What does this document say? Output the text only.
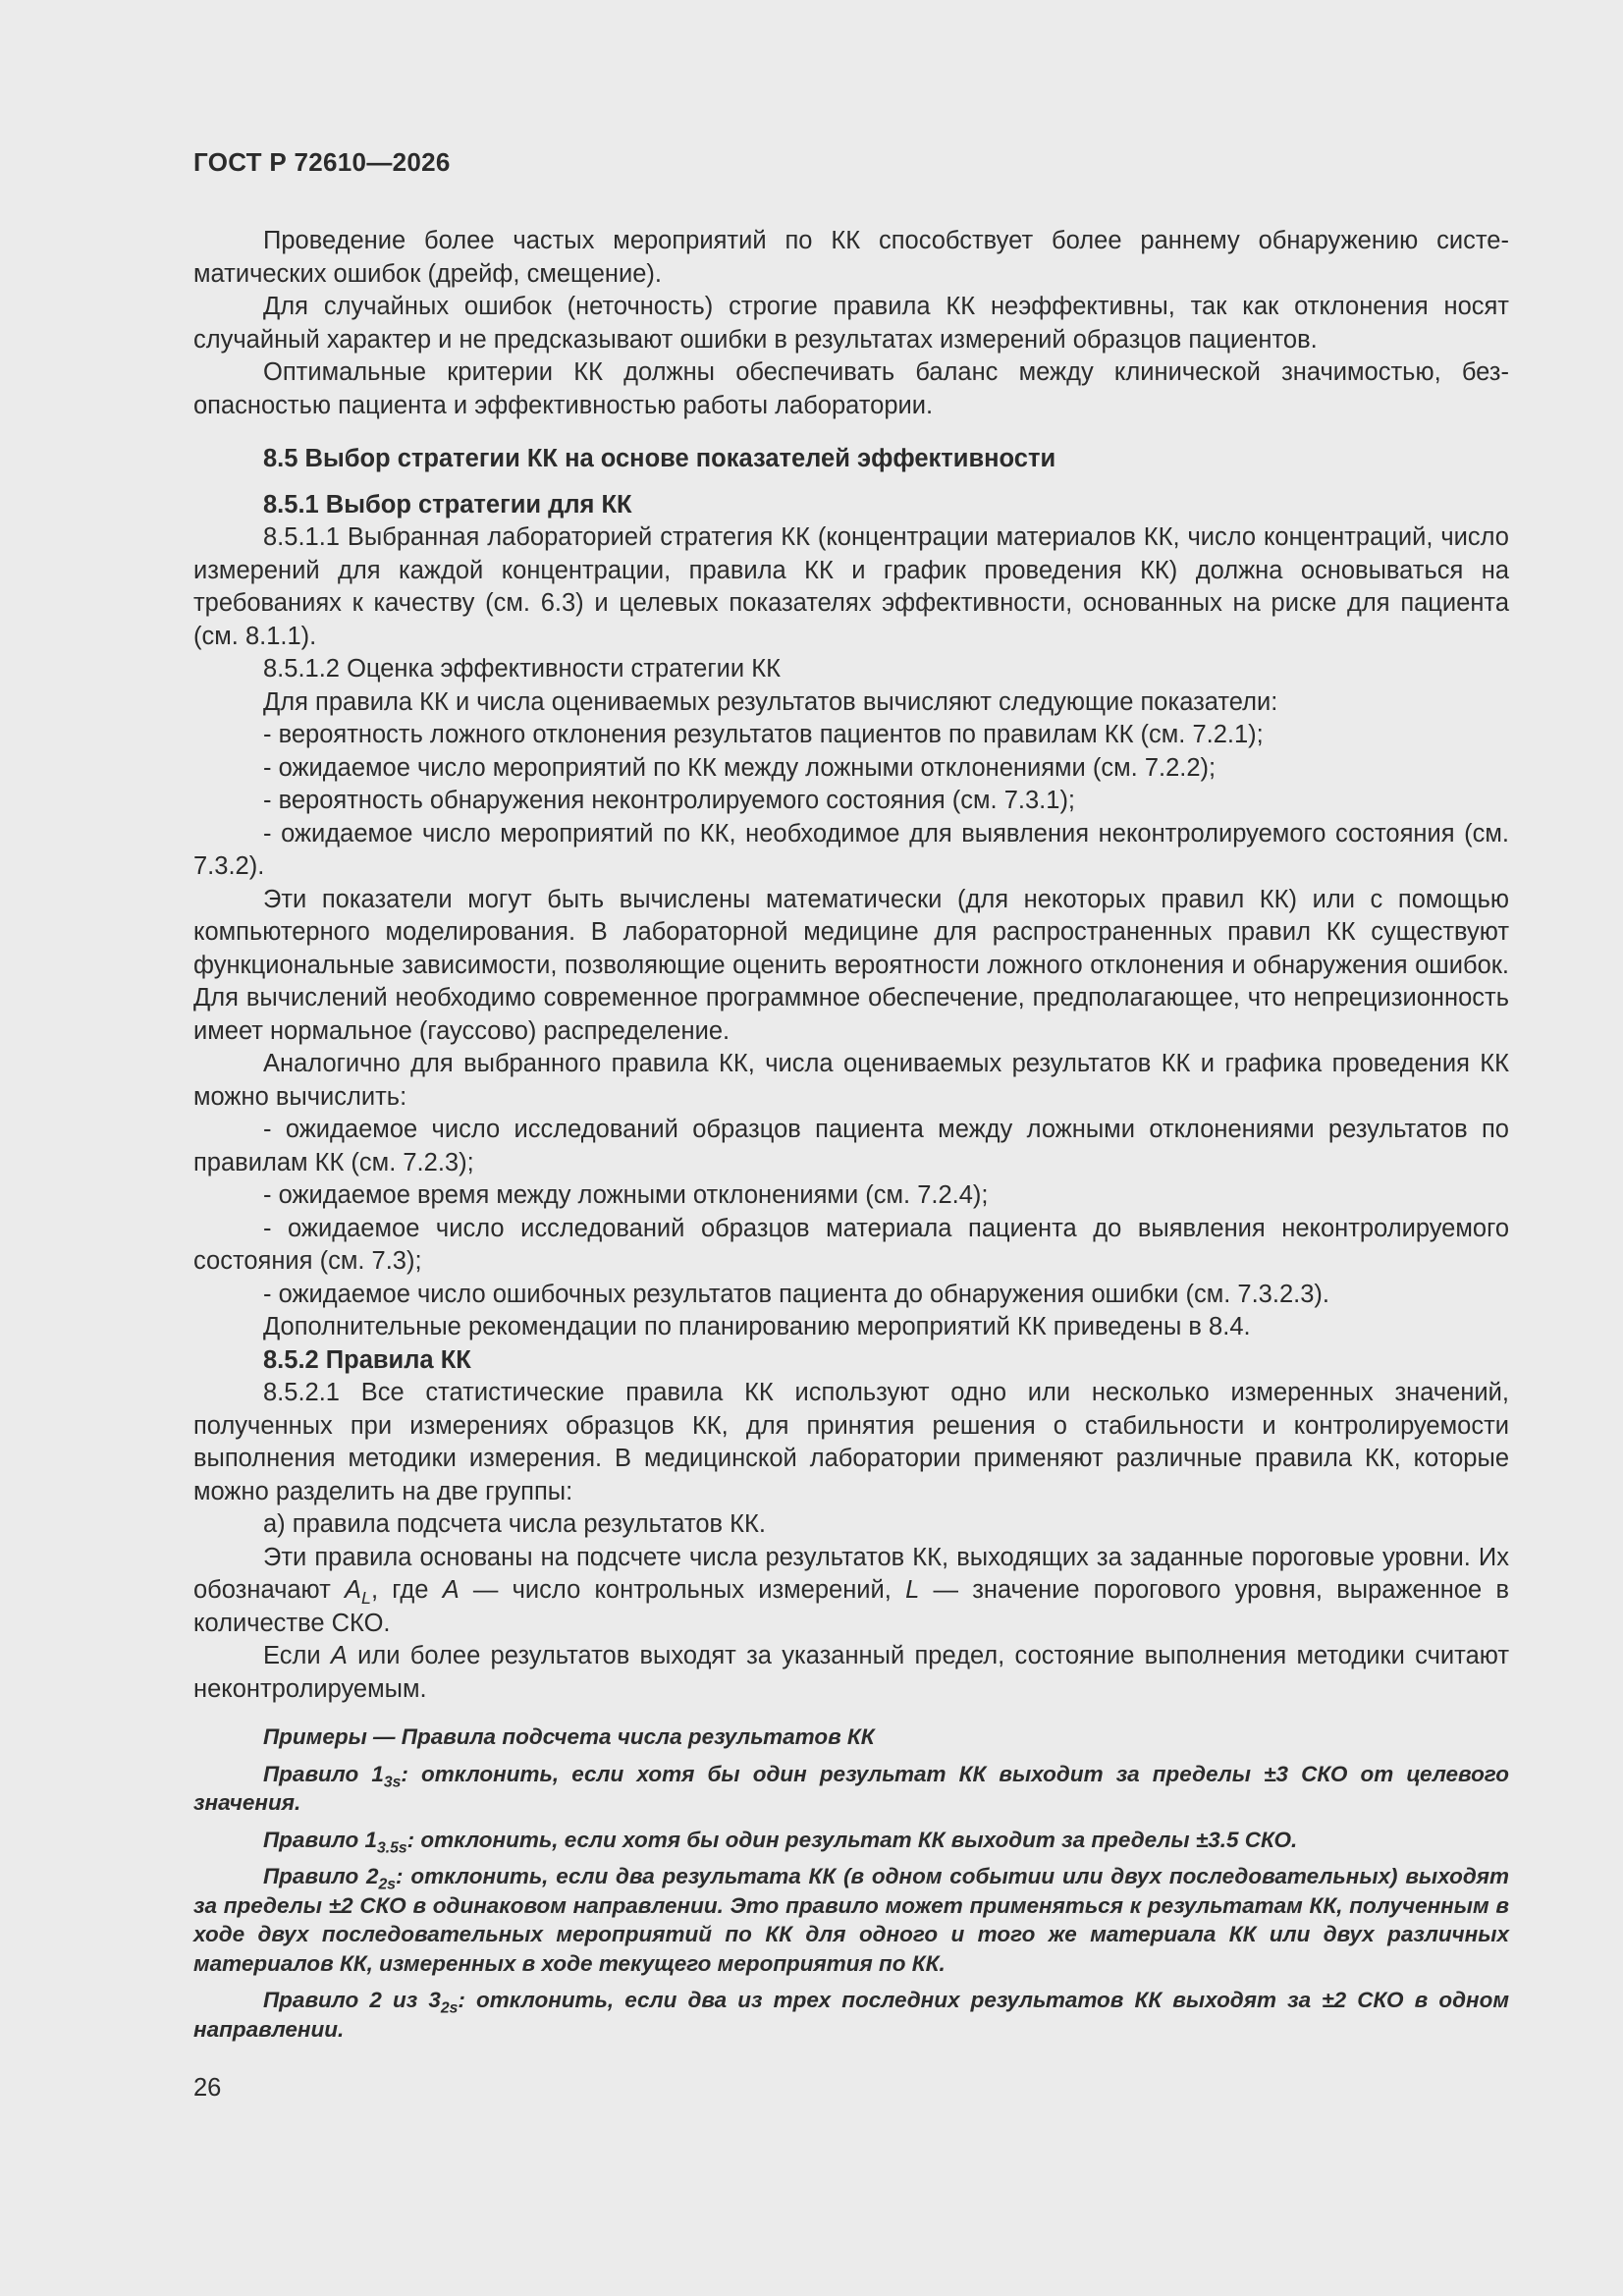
ГОСТ Р 72610—2026

Проведение более частых мероприятий по КК способствует более раннему обнаружению систематических ошибок (дрейф, смещение).

Для случайных ошибок (неточность) строгие правила КК неэффективны, так как отклонения носят случайный характер и не предсказывают ошибки в результатах измерений образцов пациентов.

Оптимальные критерии КК должны обеспечивать баланс между клинической значимостью, безопасностью пациента и эффективностью работы лаборатории.

8.5 Выбор стратегии КК на основе показателей эффективности

8.5.1 Выбор стратегии для КК

8.5.1.1 Выбранная лабораторией стратегия КК (концентрации материалов КК, число концентраций, число измерений для каждой концентрации, правила КК и график проведения КК) должна основываться на требованиях к качеству (см. 6.3) и целевых показателях эффективности, основанных на риске для пациента (см. 8.1.1).

8.5.1.2 Оценка эффективности стратегии КК

Для правила КК и числа оцениваемых результатов вычисляют следующие показатели:

- вероятность ложного отклонения результатов пациентов по правилам КК (см. 7.2.1);

- ожидаемое число мероприятий по КК между ложными отклонениями (см. 7.2.2);

- вероятность обнаружения неконтролируемого состояния (см. 7.3.1);

- ожидаемое число мероприятий по КК, необходимое для выявления неконтролируемого состояния (см. 7.3.2).

Эти показатели могут быть вычислены математически (для некоторых правил КК) или с помощью компьютерного моделирования. В лабораторной медицине для распространенных правил КК существуют функциональные зависимости, позволяющие оценить вероятности ложного отклонения и обнаружения ошибок. Для вычислений необходимо современное программное обеспечение, предполагающее, что непрецизионность имеет нормальное (гауссово) распределение.

Аналогично для выбранного правила КК, числа оцениваемых результатов КК и графика проведения КК можно вычислить:

- ожидаемое число исследований образцов пациента между ложными отклонениями результатов по правилам КК (см. 7.2.3);

- ожидаемое время между ложными отклонениями (см. 7.2.4);

- ожидаемое число исследований образцов материала пациента до выявления неконтролируемого состояния (см. 7.3);

- ожидаемое число ошибочных результатов пациента до обнаружения ошибки (см. 7.3.2.3).

Дополнительные рекомендации по планированию мероприятий КК приведены в 8.4.

8.5.2 Правила КК

8.5.2.1 Все статистические правила КК используют одно или несколько измеренных значений, полученных при измерениях образцов КК, для принятия решения о стабильности и контролируемости выполнения методики измерения. В медицинской лаборатории применяют различные правила КК, которые можно разделить на две группы:

а) правила подсчета числа результатов КК.

Эти правила основаны на подсчете числа результатов КК, выходящих за заданные пороговые уровни. Их обозначают $A_L$, где A — число контрольных измерений, L — значение порогового уровня, выраженное в количестве СКО.

Если A или более результатов выходят за указанный предел, состояние выполнения методики считают неконтролируемым.

Примеры — Правила подсчета числа результатов КК

Правило $1_{3s}$: отклонить, если хотя бы один результат КК выходит за пределы ±3 СКО от целевого значения.

Правило $1_{3.5s}$: отклонить, если хотя бы один результат КК выходит за пределы ±3.5 СКО.

Правило $2_{2s}$: отклонить, если два результата КК (в одном событии или двух последовательных) выходят за пределы ±2 СКО в одинаковом направлении. Это правило может применяться к результатам КК, полученным в ходе двух последовательных мероприятий по КК для одного и того же материала КК или двух различных материалов КК, измеренных в ходе текущего мероприятия по КК.

Правило 2 из $3_{2s}$: отклонить, если два из трех последних результатов КК выходят за ±2 СКО в одном направлении.

26
